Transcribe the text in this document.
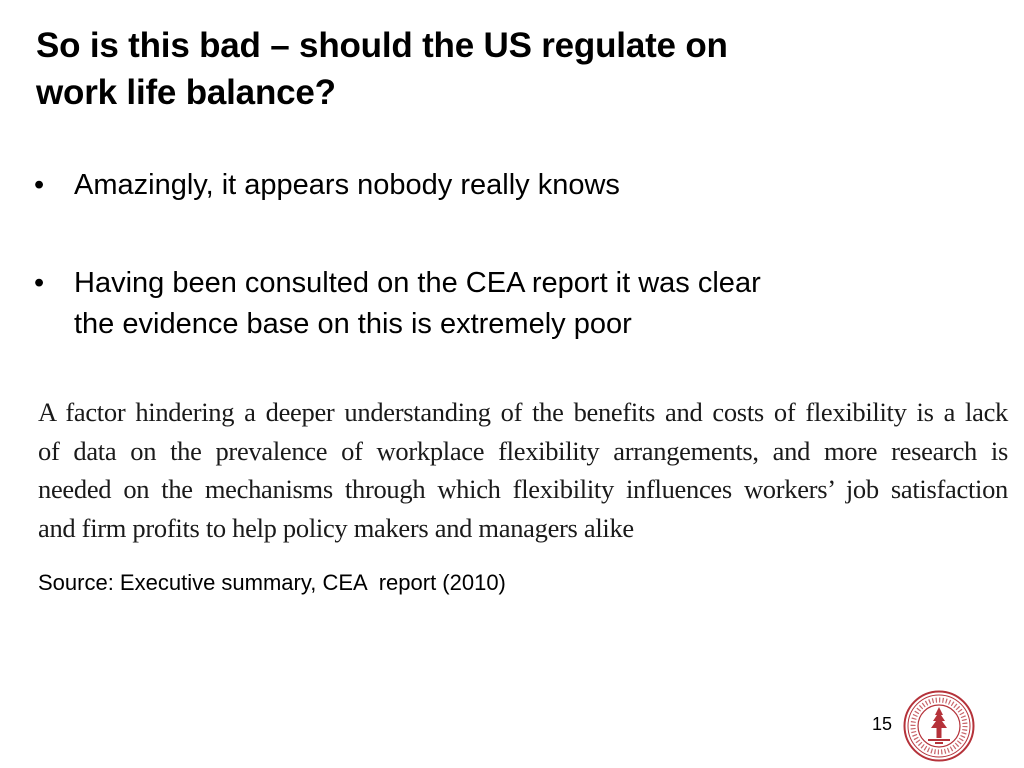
So is this bad – should the US regulate on
work life balance?
• Amazingly, it appears nobody really knows
• Having been consulted on the CEA report it was clear
the evidence base on this is extremely poor
A factor hindering a deeper understanding of the benefits and costs of flexibility is a lack
of data on the prevalence of workplace flexibility arrangements, and more research is
needed on the mechanisms through which flexibility influences workers’ job satisfaction
and firm profits to help policy makers and managers alike
Source: Executive summary, CEA  report (2010)
15
